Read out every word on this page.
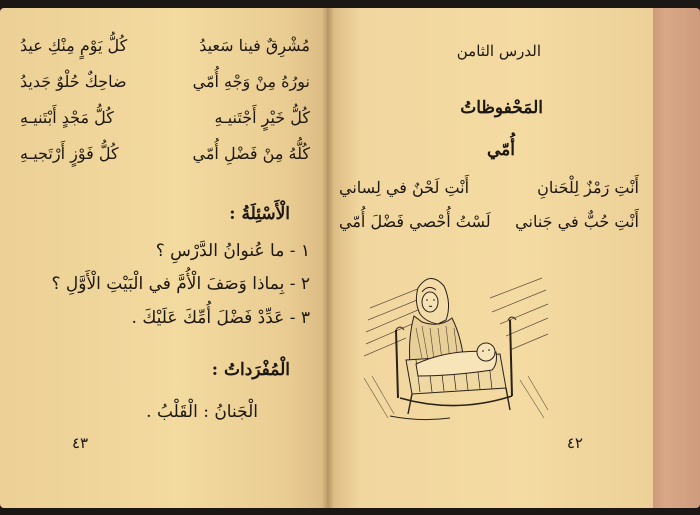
مُشْرِقٌ فينا سَعيدُ
كُلُّ يَوْمٍ مِنْكِ عيدُ
نورُهُ مِنْ وَجْهِ أُمّي
ضاحِكٌ حُلْوٌ جَديدُ
كُلُّ خَيْرٍ أَجْتَنيـهِ
كُلُّ مَجْدٍ أَبْتَنيـهِ
كُلُّهُ مِنْ فَضْلِ أُمّي
كُلُّ فَوْزٍ أَرْتَجيـهِ
الْأَسْئِلَةُ :
١ - ما عُنوانُ الدَّرْسِ ؟
٢ - بِماذا وَصَفَ الْأُمَّ في الْبَيْتِ الْأَوَّلِ ؟
٣ - عَدِّدْ فَضْلَ أُمِّكَ عَلَيْكَ .
الْمُفْرَداتُ :
الْجَنانُ : الْقَلْبُ .
٤٣
الدرس الثامن
المَحْفوظاتُ
أُمّي
أَنْتِ رَمْزٌ لِلْحَنانِ
أَنْتِ لَحْنٌ في لِساني
أَنْتِ حُبٌّ في جَناني
لَسْتُ أُحْصي فَضْلَ أُمّي
٤٢
